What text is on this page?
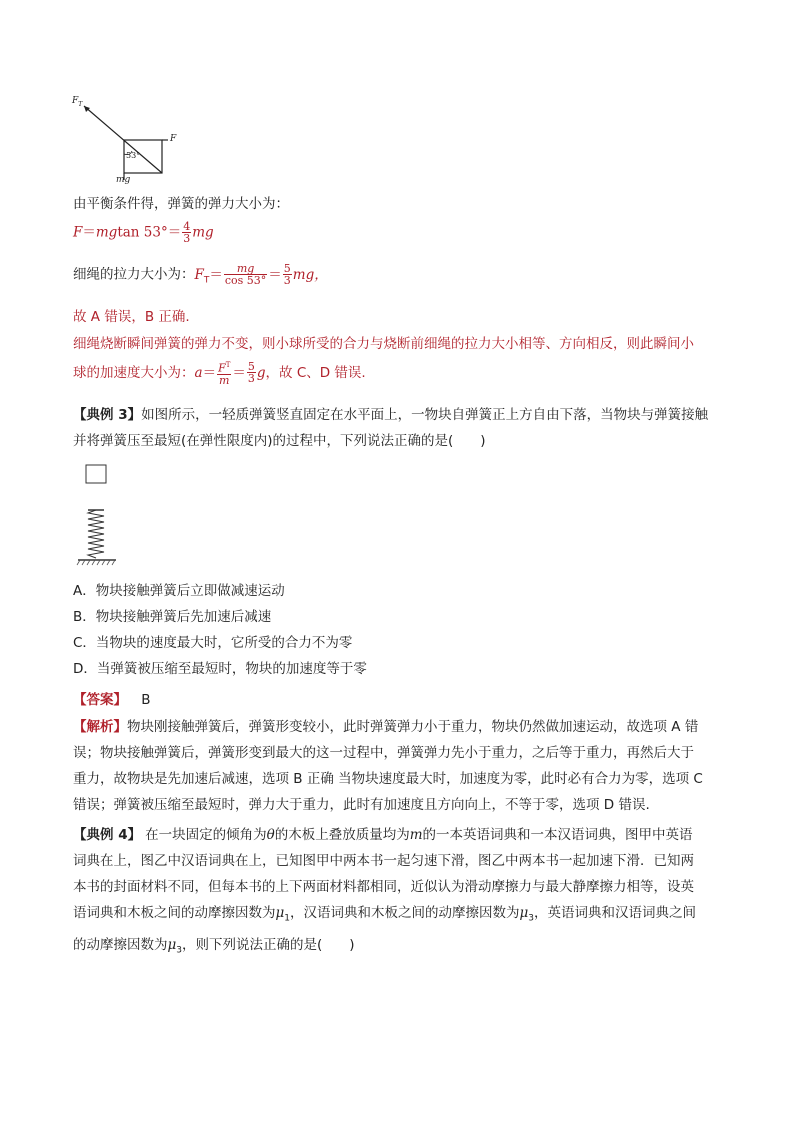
$F_T$
F
53°
mg
由平衡条件得，弹簧的弹力大小为：
F＝mgtan $53^\circ= \frac{4}{3}$ mg
细绳的拉力大小为：$F_T= \frac{mg}{\cos 53^\circ} = \frac{5}{3}$ mg，
故 A 错误，B 正确.
细绳烧断瞬间弹簧的弹力不变，则小球所受的合力与烧断前细绳的拉力大小相等、方向相反，则此瞬间小
球的加速度大小为：$a= \frac{F^T}{m} = \frac{5}{3}$ g，故 C、D 错误.
【典例 3】如图所示，一轻质弹簧竖直固定在水平面上，一物块自弹簧正上方自由下落，当物块与弹簧接触
并将弹簧压至最短(在弹性限度内)的过程中，下列说法正确的是(　　)
A．物块接触弹簧后立即做减速运动
B．物块接触弹簧后先加速后减速
C．当物块的速度最大时，它所受的合力不为零
D．当弹簧被压缩至最短时，物块的加速度等于零
【答案】 B
【解析】物块刚接触弹簧后，弹簧形变较小，此时弹簧弹力小于重力，物块仍然做加速运动，故选项 A 错
误；物块接触弹簧后，弹簧形变到最大的这一过程中，弹簧弹力先小于重力，之后等于重力，再然后大于
重力，故物块是先加速后减速，选项 B 正确 当物块速度最大时，加速度为零，此时必有合力为零，选项 C
错误；弹簧被压缩至最短时，弹力大于重力，此时有加速度且方向向上，不等于零，选项 D 错误.
【典例 4】 在一块固定的倾角为θ的木板上叠放质量均为m的一本英语词典和一本汉语词典，图甲中英语
词典在上，图乙中汉语词典在上，已知图甲中两本书一起匀速下滑，图乙中两本书一起加速下滑．已知两
本书的封面材料不同，但每本书的上下两面材料都相同，近似认为滑动摩擦力与最大静摩擦力相等，设英
语词典和木板之间的动摩擦因数为$\mu_1$，汉语词典和木板之间的动摩擦因数为$\mu_3$，英语词典和汉语词典之间
的动摩擦因数为$\mu_3$，则下列说法正确的是(　　)
